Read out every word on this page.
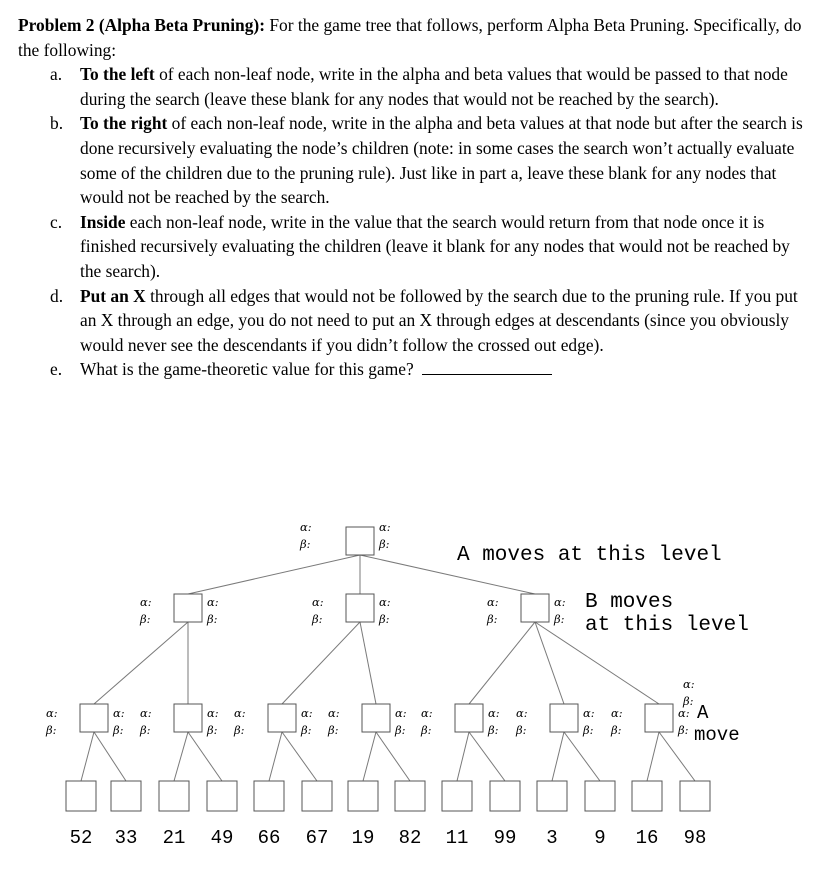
Problem 2 (Alpha Beta Pruning): For the game tree that follows, perform Alpha Beta Pruning. Specifically, do the following:

a. To the left of each non-leaf node, write in the alpha and beta values that would be passed to that node during the search (leave these blank for any nodes that would not be reached by the search).
b. To the right of each non-leaf node, write in the alpha and beta values at that node but after the search is done recursively evaluating the node’s children (note: in some cases the search won’t actually evaluate some of the children due to the pruning rule). Just like in part a, leave these blank for any nodes that would not be reached by the search.
c. Inside each non-leaf node, write in the value that the search would return from that node once it is finished recursively evaluating the children (leave it blank for any nodes that would not be reached by the search).
d. Put an X through all edges that would not be followed by the search due to the pruning rule. If you put an X through an edge, you do not need to put an X through edges at descendants (since you obviously would never see the descendants if you didn’t follow the crossed out edge).
e. What is the game-theoretic value for this game?
α:
β:
α:
β:
α:
β:
α:
β:
α:
β:
α:
β:
α:
β:
α:
β:
α:
β:
α:
β:
α:
β:
α:
β:
α:
β:
α:
β:
α:
β:
α:
β:
α:
β:
α:
β:
α:
β:
α:
β:
α:
β:
α:
β:
α:
β:
A moves at this level
B moves
at this level
A
move
52 33 21 49 66 67 19 82 11 99 3 9 16 98
